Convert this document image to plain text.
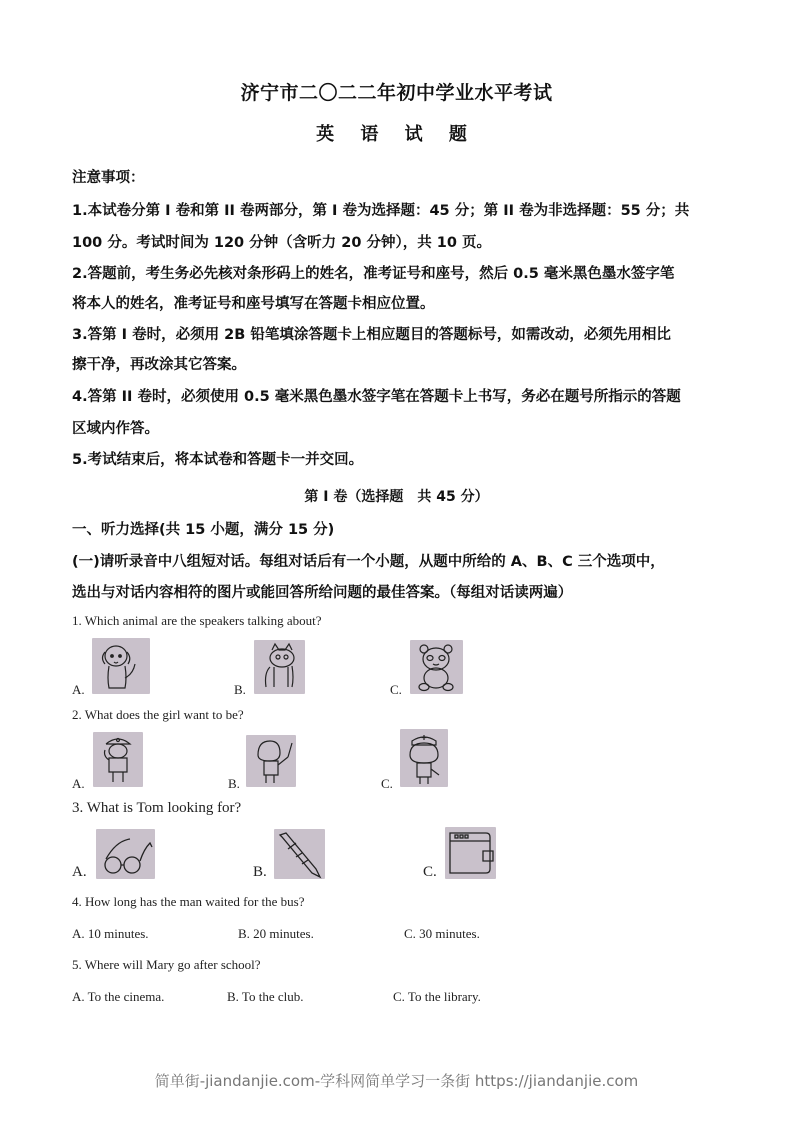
济宁市二〇二二年初中学业水平考试
英 语 试 题
注意事项：
1.本试卷分第 I 卷和第 II 卷两部分，第 I 卷为选择题：45 分；第 II 卷为非选择题：55 分；共
100 分。考试时间为 120 分钟（含听力 20 分钟），共 10 页。
2.答题前，考生务必先核对条形码上的姓名，准考证号和座号，然后 0.5 毫米黑色墨水签字笔
将本人的姓名，准考证号和座号填写在答题卡相应位置。
3.答第 I 卷时，必须用 2B 铅笔填涂答题卡上相应题目的答题标号，如需改动，必须先用相比
擦干净，再改涂其它答案。
4.答第 II 卷时，必须使用 0.5 毫米黑色墨水签字笔在答题卡上书写，务必在题号所指示的答题
区域内作答。
5.考试结束后，将本试卷和答题卡一并交回。
第 I 卷（选择题　共 45 分）
一、听力选择(共 15 小题，满分 15 分)
(一)请听录音中八组短对话。每组对话后有一个小题，从题中所给的 A、B、C 三个选项中，
选出与对话内容相符的图片或能回答所给问题的最佳答案。（每组对话读两遍）
1. Which animal are the speakers talking about?
A.	B.	C.
2. What does the girl want to be?
A.	B.	C.
3. What is Tom looking for?
A.	B.	C.
4. How long has the man waited for the bus?
A. 10 minutes.	B. 20 minutes.	C. 30 minutes.
5. Where will Mary go after school?
A. To the cinema.	B. To the club.	C. To the library.
简单街-jiandanjie.com-学科网简单学习一条街 https://jiandanjie.com
